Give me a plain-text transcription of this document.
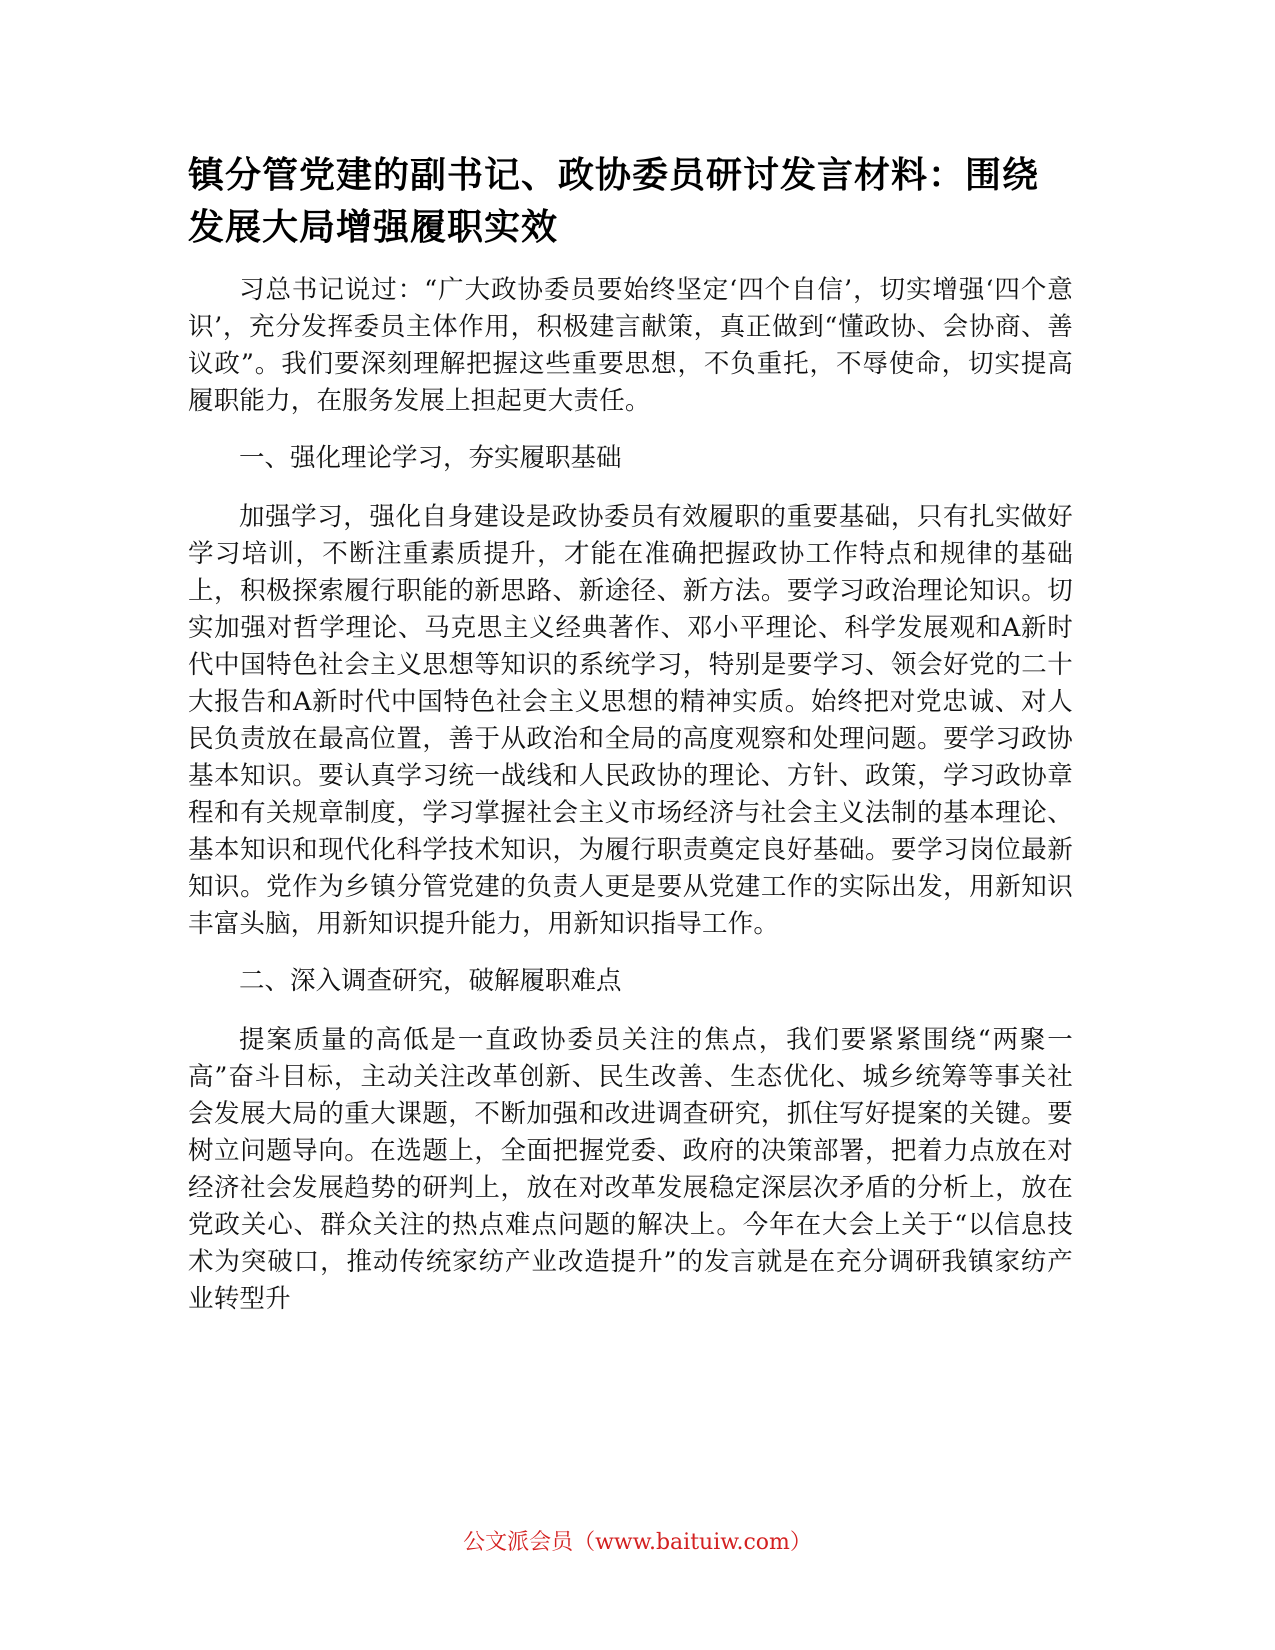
镇分管党建的副书记、政协委员研讨发言材料：围绕发展大局增强履职实效

习总书记说过：“广大政协委员要始终坚定‘四个自信’，切实增强‘四个意识’，充分发挥委员主体作用，积极建言献策，真正做到“懂政协、会协商、善议政”。我们要深刻理解把握这些重要思想，不负重托，不辱使命，切实提高履职能力，在服务发展上担起更大责任。

一、强化理论学习，夯实履职基础

加强学习，强化自身建设是政协委员有效履职的重要基础，只有扎实做好学习培训，不断注重素质提升，才能在准确把握政协工作特点和规律的基础上，积极探索履行职能的新思路、新途径、新方法。要学习政治理论知识。切实加强对哲学理论、马克思主义经典著作、邓小平理论、科学发展观和A新时代中国特色社会主义思想等知识的系统学习，特别是要学习、领会好党的二十大报告和A新时代中国特色社会主义思想的精神实质。始终把对党忠诚、对人民负责放在最高位置，善于从政治和全局的高度观察和处理问题。要学习政协基本知识。要认真学习统一战线和人民政协的理论、方针、政策，学习政协章程和有关规章制度，学习掌握社会主义市场经济与社会主义法制的基本理论、基本知识和现代化科学技术知识，为履行职责奠定良好基础。要学习岗位最新知识。党作为乡镇分管党建的负责人更是要从党建工作的实际出发，用新知识丰富头脑，用新知识提升能力，用新知识指导工作。

二、深入调查研究，破解履职难点

提案质量的高低是一直政协委员关注的焦点，我们要紧紧围绕“两聚一高”奋斗目标，主动关注改革创新、民生改善、生态优化、城乡统筹等事关社会发展大局的重大课题，不断加强和改进调查研究，抓住写好提案的关键。要树立问题导向。在选题上，全面把握党委、政府的决策部署，把着力点放在对经济社会发展趋势的研判上，放在对改革发展稳定深层次矛盾的分析上，放在党政关心、群众关注的热点难点问题的解决上。今年在大会上关于“以信息技术为突破口，推动传统家纺产业改造提升”的发言就是在充分调研我镇家纺产业转型升

公文派会员（www.baituiw.com）
